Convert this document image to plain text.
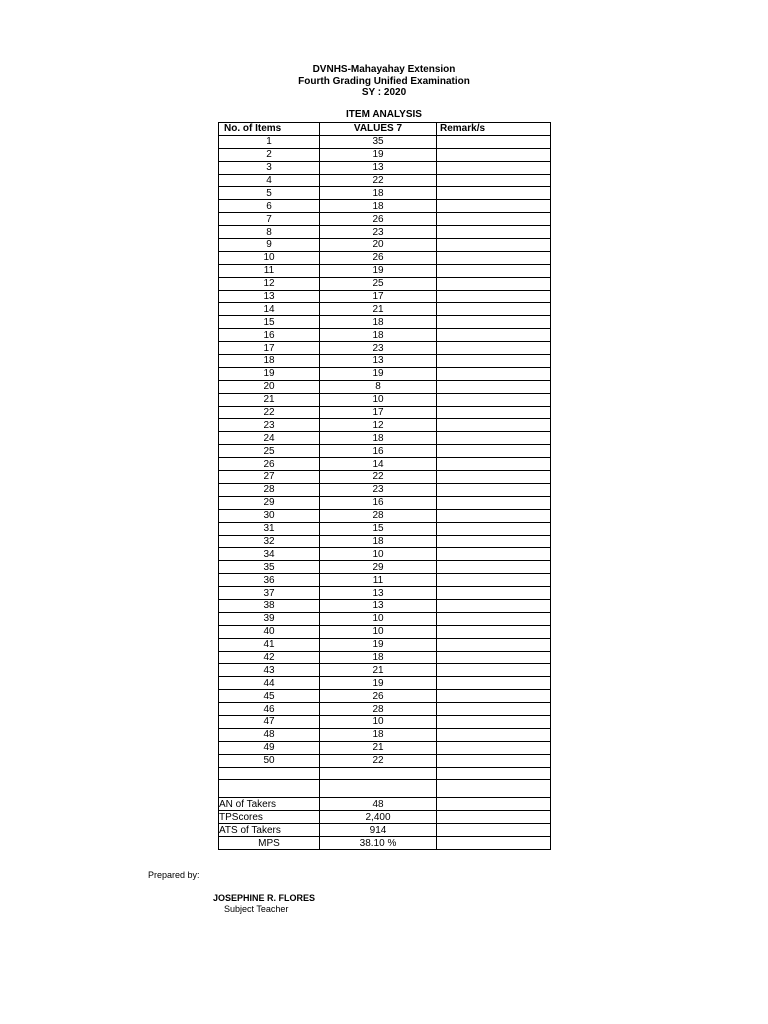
DVNHS-Mahayahay Extension
Fourth Grading Unified Examination
SY : 2020
ITEM ANALYSIS
No. of Items	VALUES 7	Remark/s
1	35	
2	19	
3	13	
4	22	
5	18	
6	18	
7	26	
8	23	
9	20	
10	26	
11	19	
12	25	
13	17	
14	21	
15	18	
16	18	
17	23	
18	13	
19	19	
20	8	
21	10	
22	17	
23	12	
24	18	
25	16	
26	14	
27	22	
28	23	
29	16	
30	28	
31	15	
32	18	
34	10	
35	29	
36	11	
37	13	
38	13	
39	10	
40	10	
41	19	
42	18	
43	21	
44	19	
45	26	
46	28	
47	10	
48	18	
49	21	
50	22	

AN of Takers	48	
TPScores	2,400	
ATS of Takers	914	
MPS	38.10 %	
Prepared by:
JOSEPHINE R. FLORES
Subject Teacher
